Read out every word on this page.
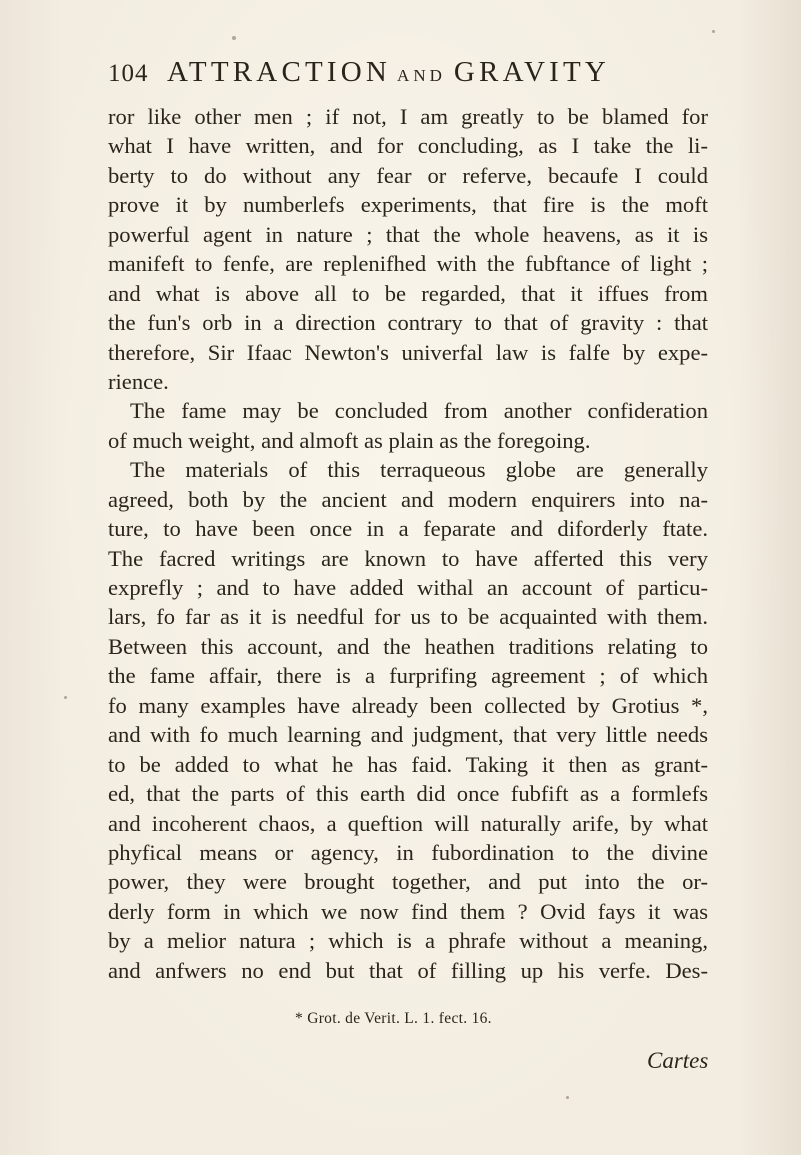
104 ATTRACTION AND GRAVITY
ror like other men ; if not, I am greatly to be blamed for
what I have written, and for concluding, as I take the li-
berty to do without any fear or referve, becaufe I could
prove it by numberlefs experiments, that fire is the moft
powerful agent in nature ; that the whole heavens, as it is
manifeft to fenfe, are replenifhed with the fubftance of light ;
and what is above all to be regarded, that it iffues from
the fun's orb in a direction contrary to that of gravity : that
therefore, Sir Ifaac Newton's univerfal law is falfe by expe-
rience.
The fame may be concluded from another confideration
of much weight, and almoft as plain as the foregoing.
The materials of this terraqueous globe are generally
agreed, both by the ancient and modern enquirers into na-
ture, to have been once in a feparate and diforderly ftate.
The facred writings are known to have afferted this very
exprefly ; and to have added withal an account of particu-
lars, fo far as it is needful for us to be acquainted with them.
Between this account, and the heathen traditions relating to
the fame affair, there is a furprifing agreement ; of which
fo many examples have already been collected by Grotius *,
and with fo much learning and judgment, that very little needs
to be added to what he has faid. Taking it then as grant-
ed, that the parts of this earth did once fubfift as a formlefs
and incoherent chaos, a queftion will naturally arife, by what
phyfical means or agency, in fubordination to the divine
power, they were brought together, and put into the or-
derly form in which we now find them ? Ovid fays it was
by a melior natura ; which is a phrafe without a meaning,
and anfwers no end but that of filling up his verfe. Des-
* Grot. de Verit. L. 1. fect. 16.
Cartes
